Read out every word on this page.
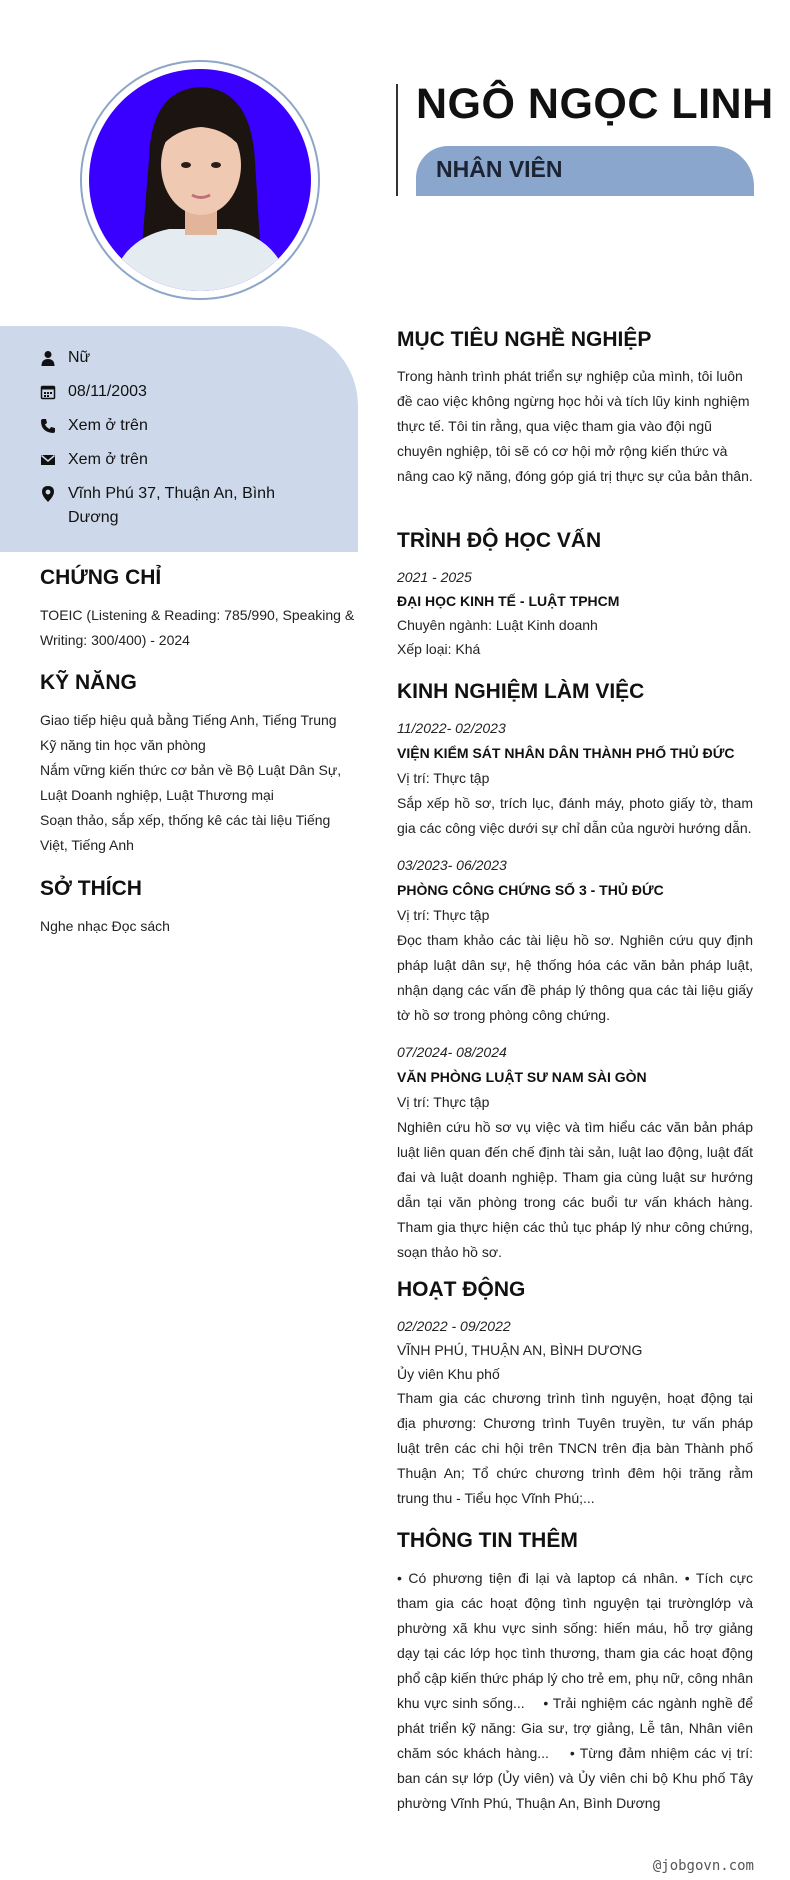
NGÔ NGỌC LINH
NHÂN VIÊN
Nữ
08/11/2003
Xem ở trên
Xem ở trên
Vĩnh Phú 37, Thuận An, Bình Dương
CHỨNG CHỈ
TOEIC (Listening & Reading: 785/990, Speaking & Writing: 300/400) - 2024
KỸ NĂNG

Giao tiếp hiệu quả bằng Tiếng Anh, Tiếng Trung

Kỹ năng tin học văn phòng

Nắm vững kiến thức cơ bản về Bộ Luật Dân Sự, Luật Doanh nghiệp, Luật Thương mại

Soạn thảo, sắp xếp, thống kê các tài liệu Tiếng Việt, Tiếng Anh

SỞ THÍCH
Nghe nhạc Đọc sách
MỤC TIÊU NGHỀ NGHIỆP
Trong hành trình phát triển sự nghiệp của mình, tôi luôn đề cao việc không ngừng học hỏi và tích lũy kinh nghiệm thực tế. Tôi tin rằng, qua việc tham gia vào đội ngũ chuyên nghiệp, tôi sẽ có cơ hội mở rộng kiến thức và nâng cao kỹ năng, đóng góp giá trị thực sự của bản thân.
TRÌNH ĐỘ HỌC VẤN

2021 - 2025

ĐẠI HỌC KINH TẾ - LUẬT TPHCM

Chuyên ngành: Luật Kinh doanh

Xếp loại: Khá

KINH NGHIỆM LÀM VIỆC

11/2022- 02/2023

VIỆN KIỂM SÁT NHÂN DÂN THÀNH PHỐ THỦ ĐỨC

Vị trí: Thực tập

Sắp xếp hồ sơ, trích lục, đánh máy, photo giấy tờ, tham gia các công việc dưới sự chỉ dẫn của người hướng dẫn.

03/2023- 06/2023

PHÒNG CÔNG CHỨNG SỐ 3 - THỦ ĐỨC

Vị trí: Thực tập

Đọc tham khảo các tài liệu hồ sơ. Nghiên cứu quy định pháp luật dân sự, hệ thống hóa các văn bản pháp luật, nhận dạng các vấn đề pháp lý thông qua các tài liệu giấy tờ hồ sơ trong phòng công chứng.

07/2024- 08/2024

VĂN PHÒNG LUẬT SƯ NAM SÀI GÒN

Vị trí: Thực tập

Nghiên cứu hồ sơ vụ việc và tìm hiểu các văn bản pháp luật liên quan đến chế định tài sản, luật lao động, luật đất đai và luật doanh nghiệp. Tham gia cùng luật sư hướng dẫn tại văn phòng trong các buổi tư vấn khách hàng. Tham gia thực hiện các thủ tục pháp lý như công chứng, soạn thảo hồ sơ.

HOẠT ĐỘNG

02/2022 - 09/2022

VĨNH PHÚ, THUẬN AN, BÌNH DƯƠNG

Ủy viên Khu phố

Tham gia các chương trình tình nguyện, hoạt động tại địa phương: Chương trình Tuyên truyền, tư vấn pháp luật trên các chi hội trên TNCN trên địa bàn Thành phố Thuận An; Tổ chức chương trình đêm hội trăng rằm trung thu - Tiểu học Vĩnh Phú;...

THÔNG TIN THÊM
• Có phương tiện đi lại và laptop cá nhân. • Tích cực tham gia các hoạt động tình nguyện tại trườnglớp và phường xã khu vực sinh sống: hiến máu, hỗ trợ giảng dạy tại các lớp học tình thương, tham gia các hoạt động phổ cập kiến thức pháp lý cho trẻ em, phụ nữ, công nhân khu vực sinh sống...    • Trải nghiệm các ngành nghề để phát triển kỹ năng: Gia sư, trợ giảng, Lễ tân, Nhân viên chăm sóc khách hàng...    • Từng đảm nhiệm các vị trí: ban cán sự lớp (Ủy viên) và Ủy viên chi bộ Khu phố Tây phường Vĩnh Phú, Thuận An, Bình Dương
@jobgovn.com
